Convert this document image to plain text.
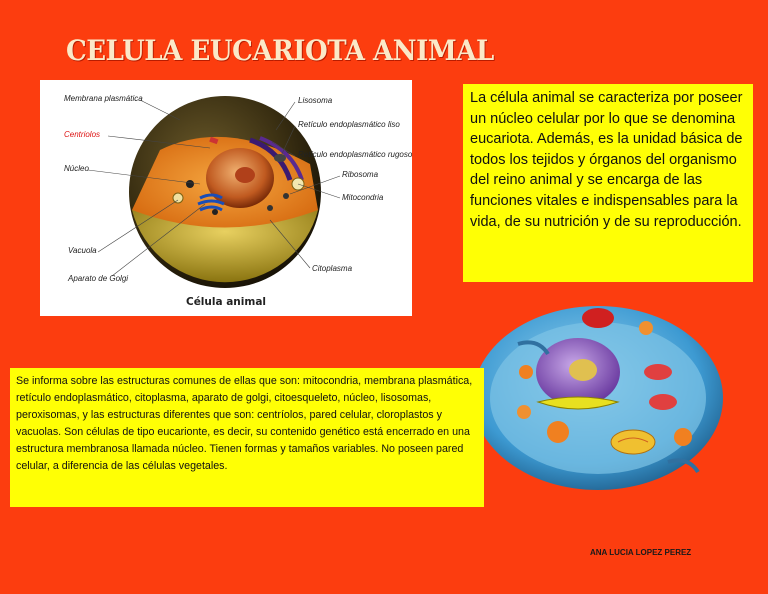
CELULA EUCARIOTA ANIMAL
Membrana plasmática
Centriolos
Núcleo
Vacuola
Aparato de Golgi
Lisosoma
Retículo endoplasmático liso
Retículo endoplasmático rugoso
Ribosoma
Mitocondria
Citoplasma
Célula animal
La célula animal se caracteriza por poseer un núcleo celular por lo que se denomina eucariota. Además, es la unidad básica de todos los tejidos y órganos del organismo del reino animal y se encarga de las funciones vitales e indispensables para la vida, de su nutrición y de su reproducción.
Se informa sobre las estructuras comunes de ellas que son: mitocondria, membrana plasmática, retículo endoplasmático, citoplasma, aparato de golgi, citoesqueleto, núcleo, lisosomas, peroxisomas, y las estructuras diferentes que son: centríolos, pared celular, cloroplastos y vacuolas. Son células de tipo eucarionte, es decir, su contenido genético está encerrado en una estructura membranosa llamada núcleo. Tienen formas y tamaños variables. No poseen pared celular, a diferencia de las células vegetales.
ANA LUCIA LOPEZ PEREZ
